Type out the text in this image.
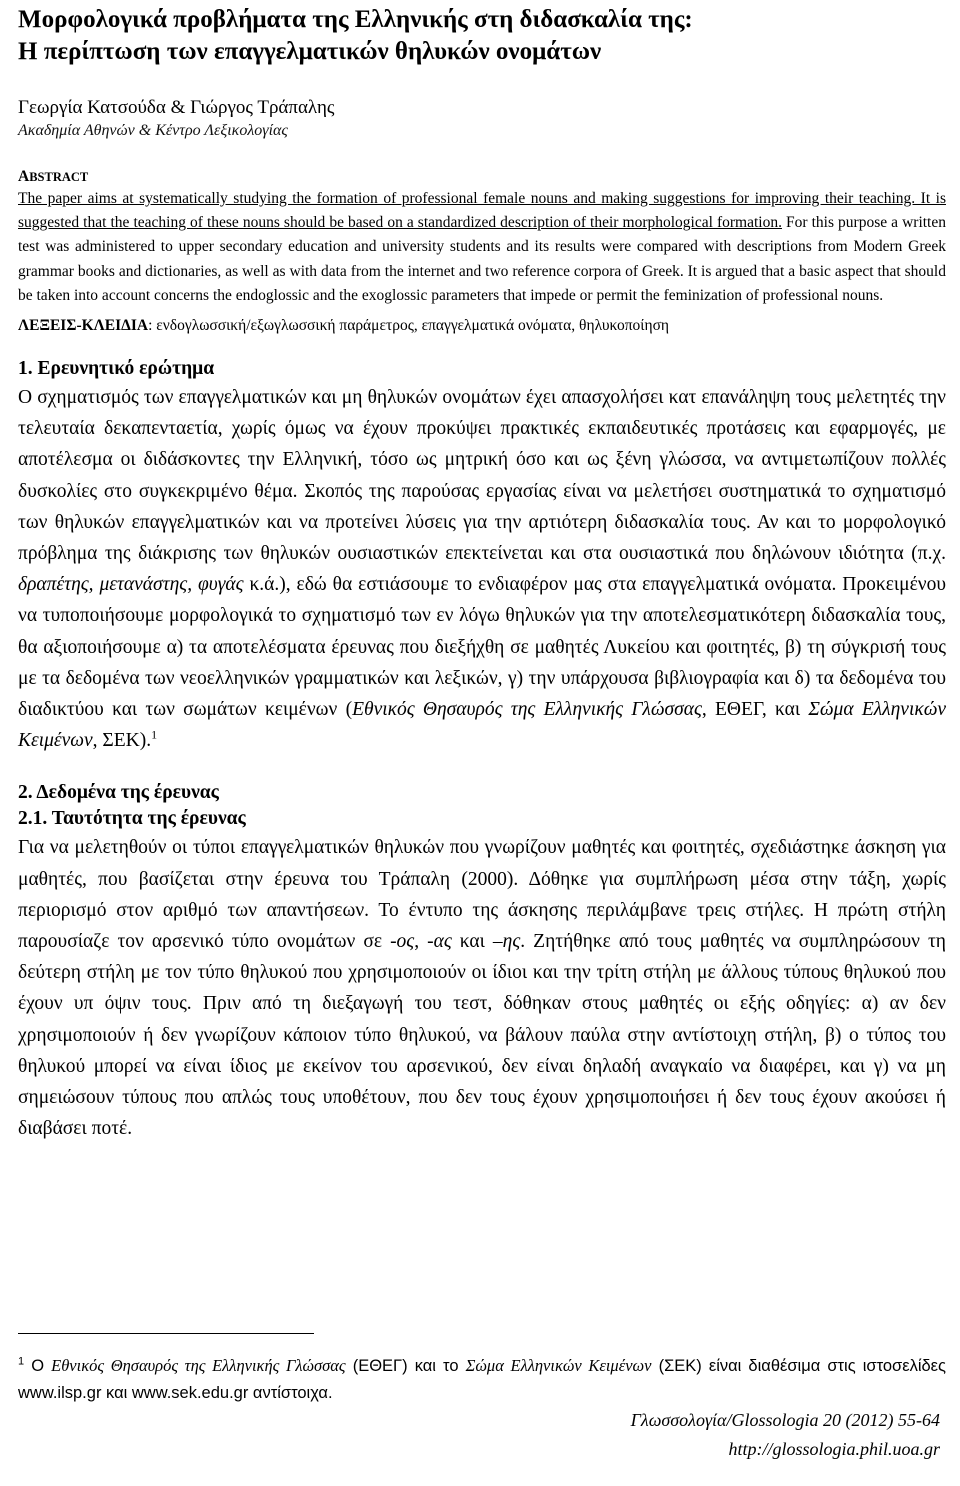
Μορφολογικά προβλήματα της Ελληνικής στη διδασκαλία της:
Η περίπτωση των επαγγελματικών θηλυκών ονομάτων

Γεωργία Κατσούδα & Γιώργος Τράπαλης

Ακαδημία Αθηνών & Κέντρο Λεξικολογίας

ABSTRACT

The paper aims at systematically studying the formation of professional female nouns and making suggestions for improving their teaching. It is suggested that the teaching of these nouns should be based on a standardized description of their morphological formation. For this purpose a written test was administered to upper secondary education and university students and its results were compared with descriptions from Modern Greek grammar books and dictionaries, as well as with data from the internet and two reference corpora of Greek. It is argued that a basic aspect that should be taken into account concerns the endoglossic and the exoglossic parameters that impede or permit the feminization of professional nouns.

ΛΕΞΕΙΣ-ΚΛΕΙΔΙΑ: ενδογλωσσική/εξωγλωσσική παράμετρος, επαγγελματικά ονόματα, θηλυκοποίηση

1. Ερευνητικό ερώτημα

Ο σχηματισμός των επαγγελματικών και μη θηλυκών ονομάτων έχει απασχολήσει κατ επανάληψη τους μελετητές την τελευταία δεκαπενταετία, χωρίς όμως να έχουν προκύψει πρακτικές εκπαιδευτικές προτάσεις και εφαρμογές, με αποτέλεσμα οι διδάσκοντες την Ελληνική, τόσο ως μητρική όσο και ως ξένη γλώσσα, να αντιμετωπίζουν πολλές δυσκολίες στο συγκεκριμένο θέμα. Σκοπός της παρούσας εργασίας είναι να μελετήσει συστηματικά το σχηματισμό των θηλυκών επαγγελματικών και να προτείνει λύσεις για την αρτιότερη διδασκαλία τους. Αν και το μορφολογικό πρόβλημα της διάκρισης των θηλυκών ουσιαστικών επεκτείνεται και στα ουσιαστικά που δηλώνουν ιδιότητα (π.χ. δραπέτης, μετανάστης, φυγάς κ.ά.), εδώ θα εστιάσουμε το ενδιαφέρον μας στα επαγγελματικά ονόματα. Προκειμένου να τυποποιήσουμε μορφολογικά το σχηματισμό των εν λόγω θηλυκών για την αποτελεσματικότερη διδασκαλία τους, θα αξιοποιήσουμε α) τα αποτελέσματα έρευνας που διεξήχθη σε μαθητές Λυκείου και φοιτητές, β) τη σύγκρισή τους με τα δεδομένα των νεοελληνικών γραμματικών και λεξικών, γ) την υπάρχουσα βιβλιογραφία και δ) τα δεδομένα του διαδικτύου και των σωμάτων κειμένων (Εθνικός Θησαυρός της Ελληνικής Γλώσσας, ΕΘΕΓ, και Σώμα Ελληνικών Κειμένων, ΣΕΚ).$^1$

2. Δεδομένα της έρευνας
2.1. Ταυτότητα της έρευνας

Για να μελετηθούν οι τύποι επαγγελματικών θηλυκών που γνωρίζουν μαθητές και φοιτητές, σχεδιάστηκε άσκηση για μαθητές, που βασίζεται στην έρευνα του Τράπαλη (2000). Δόθηκε για συμπλήρωση μέσα στην τάξη, χωρίς περιορισμό στον αριθμό των απαντήσεων. Το έντυπο της άσκησης περιλάμβανε τρεις στήλες. Η πρώτη στήλη παρουσίαζε τον αρσενικό τύπο ονομάτων σε -ος, -ας και –ης. Ζητήθηκε από τους μαθητές να συμπληρώσουν τη δεύτερη στήλη με τον τύπο θηλυκού που χρησιμοποιούν οι ίδιοι και την τρίτη στήλη με άλλους τύπους θηλυκού που έχουν υπ όψιν τους. Πριν από τη διεξαγωγή του τεστ, δόθηκαν στους μαθητές οι εξής οδηγίες: α) αν δεν χρησιμοποιούν ή δεν γνωρίζουν κάποιον τύπο θηλυκού, να βάλουν παύλα στην αντίστοιχη στήλη, β) ο τύπος του θηλυκού μπορεί να είναι ίδιος με εκείνον του αρσενικού, δεν είναι δηλαδή αναγκαίο να διαφέρει, και γ) να μη σημειώσουν τύπους που απλώς τους υποθέτουν, που δεν τους έχουν χρησιμοποιήσει ή δεν τους έχουν ακούσει ή διαβάσει ποτέ.

$^1$ Ο Εθνικός Θησαυρός της Ελληνικής Γλώσσας (ΕΘΕΓ) και το Σώμα Ελληνικών Κειμένων (ΣΕΚ) είναι διαθέσιμα στις ιστοσελίδες www.ilsp.gr και www.sek.edu.gr αντίστοιχα.

Γλωσσολογία/Glossologia 20 (2012) 55-64
http://glossologia.phil.uoa.gr
